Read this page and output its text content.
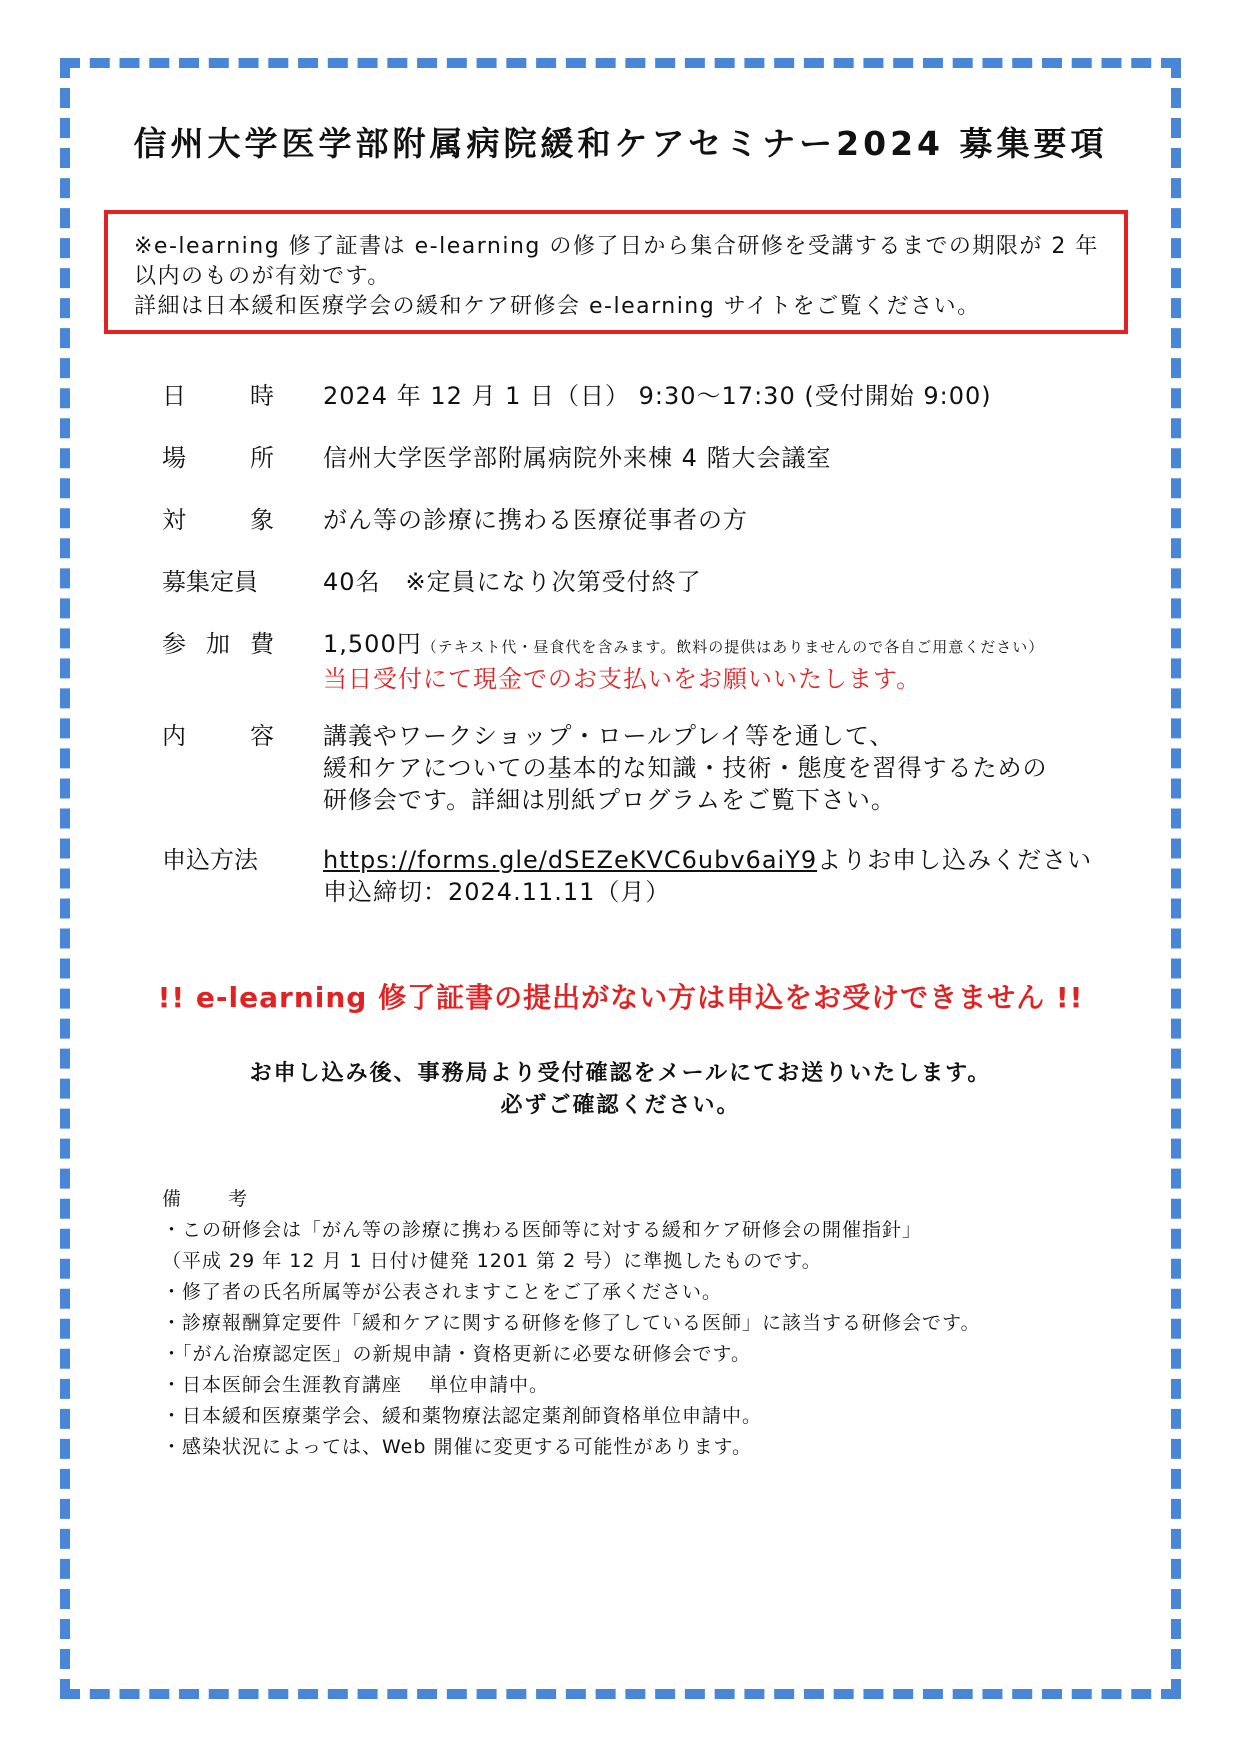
信州大学医学部附属病院緩和ケアセミナー2024 募集要項
※e-learning 修了証書は e-learning の修了日から集合研修を受講するまでの期限が 2 年
以内のものが有効です。
詳細は日本緩和医療学会の緩和ケア研修会 e-learning サイトをご覧ください。
日	時 2024 年 12 月 1 日（日） 9:30〜17:30 (受付開始 9:00)
場	所 信州大学医学部附属病院外来棟 4 階大会議室
対	象 がん等の診療に携わる医療従事者の方
募集定員	40名　※定員になり次第受付終了
参 加 費 1,500円（テキスト代・昼食代を含みます。飲料の提供はありませんので各自ご用意ください）
当日受付にて現金でのお支払いをお願いいたします。
内	容 講義やワークショップ・ロールプレイ等を通して、
緩和ケアについての基本的な知識・技術・態度を習得するための
研修会です。詳細は別紙プログラムをご覧下さい。
申込方法	https://forms.gle/dSEZeKVC6ubv6aiY9よりお申し込みください
申込締切：2024.11.11（月）
!! e-learning 修了証書の提出がない方は申込をお受けできません !!
お申し込み後、事務局より受付確認をメールにてお送りいたします。
必ずご確認ください。
備 考
・この研修会は「がん等の診療に携わる医師等に対する緩和ケア研修会の開催指針」
（平成 29 年 12 月 1 日付け健発 1201 第 2 号）に準拠したものです。
・修了者の氏名所属等が公表されますことをご了承ください。
・診療報酬算定要件「緩和ケアに関する研修を修了している医師」に該当する研修会です。
・「がん治療認定医」の新規申請・資格更新に必要な研修会です。
・日本医師会生涯教育講座　 単位申請中。
・日本緩和医療薬学会、緩和薬物療法認定薬剤師資格単位申請中。
・感染状況によっては、Web 開催に変更する可能性があります。
